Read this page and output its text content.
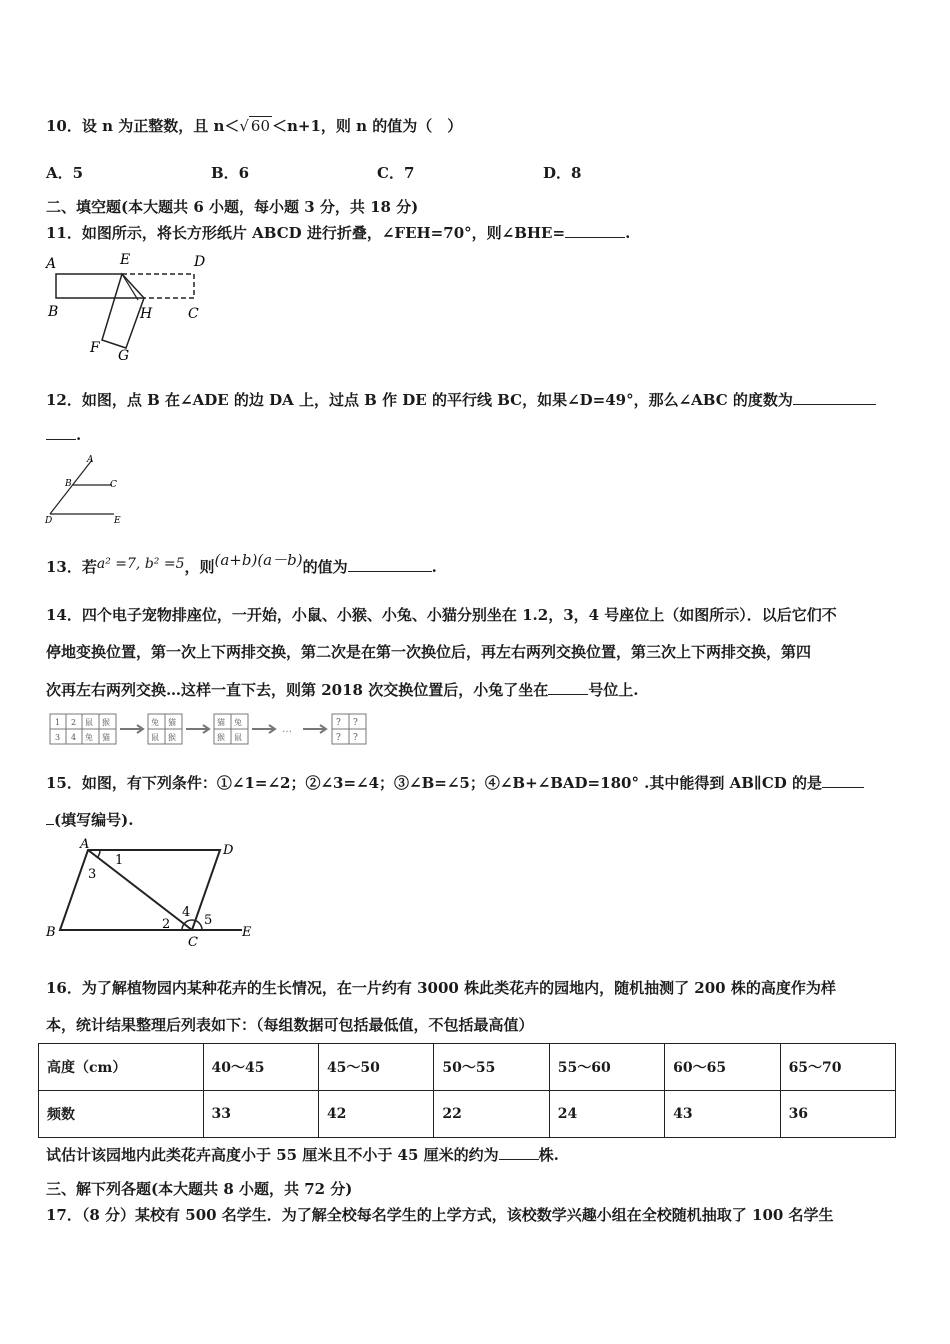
10．设 n 为正整数，且 n＜√ 60 ＜n+1，则 n 的值为（　）
A．5	B．6	C．7	D．8
二、填空题(本大题共 6 小题，每小题 3 分，共 18 分)
11．如图所示，将长方形纸片 ABCD 进行折叠，∠FEH=70°，则∠BHE=	.
A	E	D
B	H	C
F G
12．如图，点 B 在∠ADE 的边 DA 上，过点 B 作 DE 的平行线 BC，如果∠D=49°，那么∠ABC 的度数为
.
A
B	C
D	E
13．若a² =7, b² =5，则(a+b)(a－b)的值为	.
14．四个电子宠物排座位，一开始，小鼠、小猴、小兔、小猫分别坐在 1.2，3，4 号座位上（如图所示）．以后它们不
停地变换位置，第一次上下两排交换，第二次是在第一次换位后，再左右两列交换位置，第三次上下两排交换，第四
次再左右两列交换…这样一直下去，则第 2018 次交换位置后，小兔了坐在	号位上.
1 2
3 4
鼠 猴
兔 猫
兔 猫
鼠 猴
猫 兔
猴 鼠
…
? ?
? ?
15．如图，有下列条件：①∠1=∠2；②∠3=∠4；③∠B=∠5；④∠B+∠BAD=180° .其中能得到 AB∥CD 的是
(填写编号).
A	D
1
3
4
2	5
B
C
E
16．为了解植物园内某种花卉的生长情况，在一片约有 3000 株此类花卉的园地内，随机抽测了 200 株的高度作为样
本，统计结果整理后列表如下：（每组数据可包括最低值，不包括最高值）
高度（cm）	40～45	45～50	50～55	55～60	60～65	65～70
频数	33	42	22	24	43	36
试估计该园地内此类花卉高度小于 55 厘米且不小于 45 厘米的约为	株.
三、解下列各题(本大题共 8 小题，共 72 分)
17．（8 分）某校有 500 名学生．为了解全校每名学生的上学方式，该校数学兴趣小组在全校随机抽取了 100 名学生
